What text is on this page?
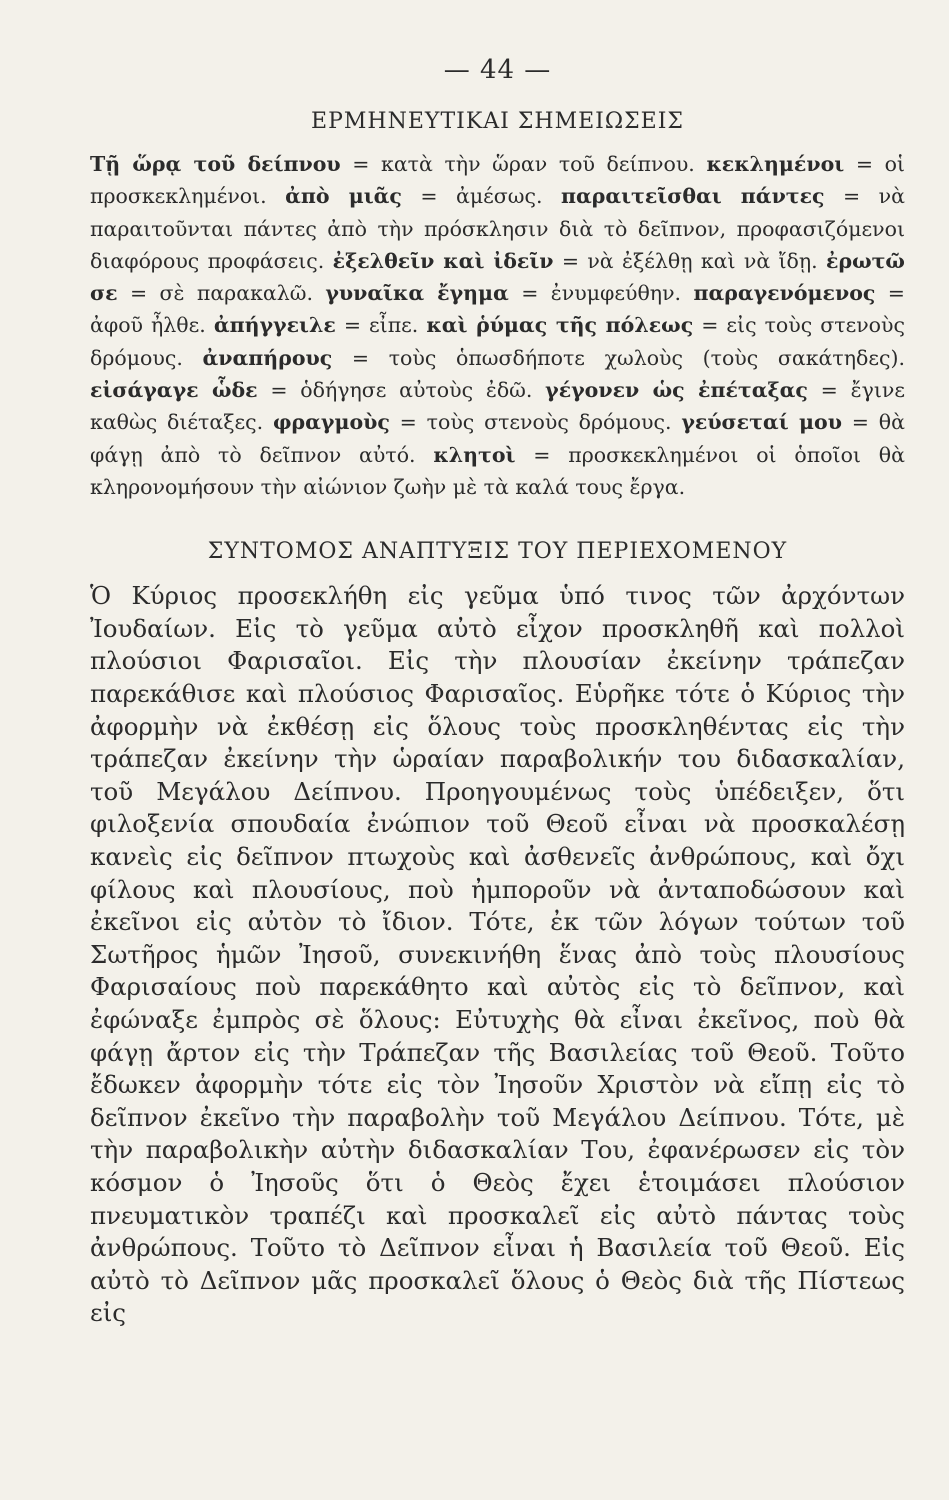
— 44 —
ΕΡΜΗΝΕΥΤΙΚΑΙ ΣΗΜΕΙΩΣΕΙΣ
Τῇ ὥρᾳ τοῦ δείπνου = κατὰ τὴν ὥραν τοῦ δείπνου. κεκλημένοι = οἱ προσκεκλημένοι. ἀπὸ μιᾶς = ἀμέσως. παραιτεῖσθαι πάντες = νὰ παραιτοῦνται πάντες ἀπὸ τὴν πρόσκλησιν διὰ τὸ δεῖπνον, προφασιζόμενοι διαφόρους προφάσεις. ἐξελθεῖν καὶ ἰδεῖν = νὰ ἐξέλθῃ καὶ νὰ ἴδῃ. ἐρωτῶ σε = σὲ παρακαλῶ. γυναῖκα ἔγημα = ἐνυμφεύθην. παραγενόμενος = ἀφοῦ ἦλθε. ἀπήγγειλε = εἶπε. καὶ ῥύμας τῆς πόλεως = εἰς τοὺς στενοὺς δρόμους. ἀναπήρους = τοὺς ὁπωσδήποτε χωλοὺς (τοὺς σακάτηδες). εἰσάγαγε ὧδε = ὁδήγησε αὐτοὺς ἐδῶ. γέγονεν ὡς ἐπέταξας = ἔγινε καθὼς διέταξες. φραγμοὺς = τοὺς στενοὺς δρόμους. γεύσεταί μου = θὰ φάγῃ ἀπὸ τὸ δεῖπνον αὐτό. κλητοὶ = προσκεκλημένοι οἱ ὁποῖοι θὰ κληρονομήσουν τὴν αἰώνιον ζωὴν μὲ τὰ καλά τους ἔργα.
ΣΥΝΤΟΜΟΣ ΑΝΑΠΤΥΞΙΣ ΤΟΥ ΠΕΡΙΕΧΟΜΕΝΟΥ

Ὁ Κύριος προσεκλήθη εἰς γεῦμα ὑπό τινος τῶν ἀρχόντων Ἰουδαίων. Εἰς τὸ γεῦμα αὐτὸ εἶχον προσκληθῆ καὶ πολλοὶ πλούσιοι Φαρισαῖοι. Εἰς τὴν πλουσίαν ἐκείνην τράπεζαν παρεκάθισε καὶ πλούσιος Φαρισαῖος. Εὑρῆκε τότε ὁ Κύριος τὴν ἀφορμὴν νὰ ἐκθέσῃ εἰς ὅλους τοὺς προσκληθέντας εἰς τὴν τράπεζαν ἐκείνην τὴν ὡραίαν παραβολικήν του διδασκαλίαν, τοῦ Μεγάλου Δείπνου. Προηγουμένως τοὺς ὑπέδειξεν, ὅτι φιλοξενία σπουδαία ἐνώπιον τοῦ Θεοῦ εἶναι νὰ προσκαλέσῃ κανεὶς εἰς δεῖπνον πτωχοὺς καὶ ἀσθενεῖς ἀνθρώπους, καὶ ὄχι φίλους καὶ πλουσίους, ποὺ ἠμποροῦν νὰ ἀνταποδώσουν καὶ ἐκεῖνοι εἰς αὐτὸν τὸ ἴδιον. Τότε, ἐκ τῶν λόγων τούτων τοῦ Σωτῆρος ἡμῶν Ἰησοῦ, συνεκινήθη ἕνας ἀπὸ τοὺς πλουσίους Φαρισαίους ποὺ παρεκάθητο καὶ αὐτὸς εἰς τὸ δεῖπνον, καὶ ἐφώναξε ἐμπρὸς σὲ ὅλους: Εὐτυχὴς θὰ εἶναι ἐκεῖνος, ποὺ θὰ φάγῃ ἄρτον εἰς τὴν Τράπεζαν τῆς Βασιλείας τοῦ Θεοῦ. Τοῦτο ἔδωκεν ἀφορμὴν τότε εἰς τὸν Ἰησοῦν Χριστὸν νὰ εἴπῃ εἰς τὸ δεῖπνον ἐκεῖνο τὴν παραβολὴν τοῦ Μεγάλου Δείπνου. Τότε, μὲ τὴν παραβολικὴν αὐτὴν διδασκαλίαν Του, ἐφανέρωσεν εἰς τὸν κόσμον ὁ Ἰησοῦς ὅτι ὁ Θεὸς ἔχει ἑτοιμάσει πλούσιον πνευματικὸν τραπέζι καὶ προσκαλεῖ εἰς αὐτὸ πάντας τοὺς ἀνθρώπους. Τοῦτο τὸ Δεῖπνον εἶναι ἡ Βασιλεία τοῦ Θεοῦ. Εἰς αὐτὸ τὸ Δεῖπνον μᾶς προσκαλεῖ ὅλους ὁ Θεὸς διὰ τῆς Πίστεως εἰς
